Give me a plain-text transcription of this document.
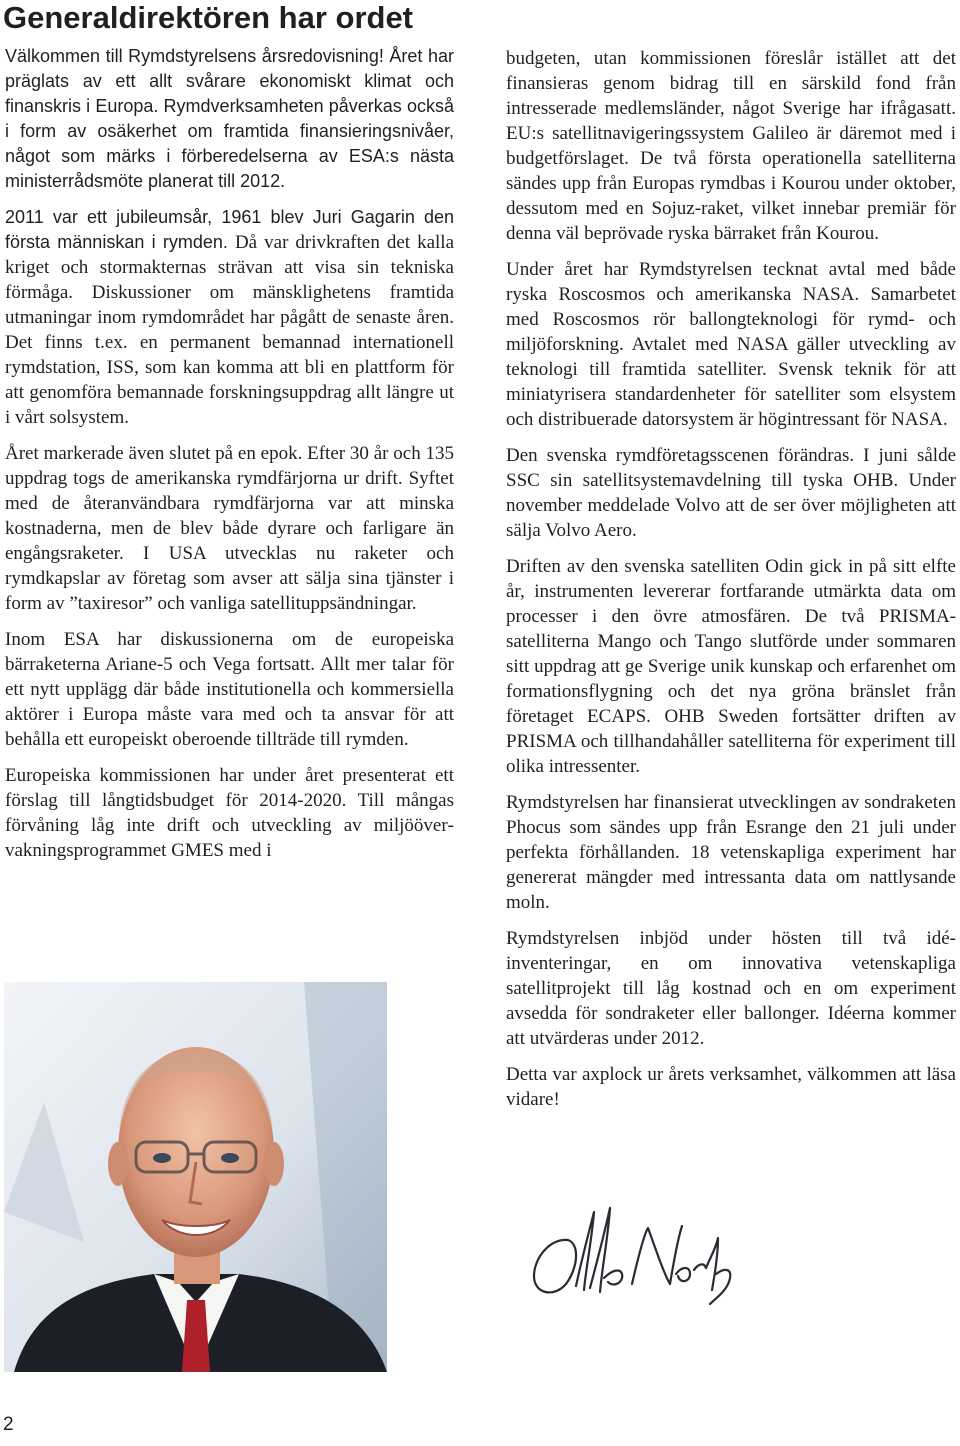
Generaldirektören har ordet

Välkommen till Rymdstyrelsens årsredovisning! Året har präglats av ett allt svårare ekonomiskt klimat och finanskris i Europa. Rymdverksamheten påverkas också i form av osäkerhet om framtida finansieringsnivåer, något som märks i förberedelserna av ESA:s nästa ministerrådsmöte planerat till 2012.

2011 var ett jubileumsår, 1961 blev Juri Gagarin den första människan i rymden. Då var drivkraften det kalla kriget och stormakternas strävan att visa sin tekniska förmåga. Diskussioner om mänsklighetens framtida utmaningar inom rymdområdet har pågått de senaste åren. Det finns t.ex. en permanent bemannad internationell rymdstation, ISS, som kan komma att bli en plattform för att genomföra bemannade forskningsuppdrag allt längre ut i vårt solsystem.

Året markerade även slutet på en epok. Efter 30 år och 135 uppdrag togs de amerikanska rymdfärjorna ur drift. Syftet med de återanvändbara rymdfärjorna var att minska kostnaderna, men de blev både dyrare och farligare än engångsraketer. I USA utvecklas nu raketer och rymdkapslar av företag som avser att sälja sina tjänster i form av ”taxiresor” och vanliga satellituppsändningar.

Inom ESA har diskussionerna om de europeiska bärraketerna Ariane-5 och Vega fortsatt. Allt mer talar för ett nytt upplägg där både institutionella och kommersiella aktörer i Europa måste vara med och ta ansvar för att behålla ett europeiskt oberoende tillträde till rymden.

Europeiska kommissionen har under året presenterat ett förslag till långtidsbudget för 2014-2020. Till mångas förvåning låg inte drift och utveckling av miljöövervakningsprogrammet GMES med i

budgeten, utan kommissionen föreslår istället att det finansieras genom bidrag till en särskild fond från intresserade medlemsländer, något Sverige har ifrågasatt. EU:s satellitnavigeringssystem Galileo är däremot med i budgetförslaget. De två första operationella satelliterna sändes upp från Europas rymdbas i Kourou under oktober, dessutom med en Sojuz-raket, vilket innebar premiär för denna väl beprövade ryska bärraket från Kourou.

Under året har Rymdstyrelsen tecknat avtal med både ryska Roscosmos och amerikanska NASA. Samarbetet med Roscosmos rör ballongteknologi för rymd- och miljöforskning. Avtalet med NASA gäller utveckling av teknologi till framtida satelliter. Svensk teknik för att miniatyrisera standardenheter för satelliter som elsystem och distribuerade datorsystem är högintressant för NASA.

Den svenska rymdföretagsscenen förändras. I juni sålde SSC sin satellitsystemavdelning till tyska OHB. Under november meddelade Volvo att de ser över möjligheten att sälja Volvo Aero.

Driften av den svenska satelliten Odin gick in på sitt elfte år, instrumenten levererar fortfarande utmärkta data om processer i den övre atmosfären. De två PRISMA-satelliterna Mango och Tango slutförde under sommaren sitt uppdrag att ge Sverige unik kunskap och erfarenhet om formationsflygning och det nya gröna bränslet från företaget ECAPS. OHB Sweden fortsätter driften av PRISMA och tillhandahåller satelliterna för experiment till olika intressenter.

Rymdstyrelsen har finansierat utvecklingen av sondraketen Phocus som sändes upp från Esrange den 21 juli under perfekta förhållanden. 18 vetenskapliga experiment har genererat mängder med intressanta data om nattlysande moln.

Rymdstyrelsen inbjöd under hösten till två idéinventeringar, en om innovativa vetenskapliga satellitprojekt till låg kostnad och en om experiment avsedda för sondraketer eller ballonger. Idéerna kommer att utvärderas under 2012.

Detta var axplock ur årets verksamhet, välkommen att läsa vidare!

2
